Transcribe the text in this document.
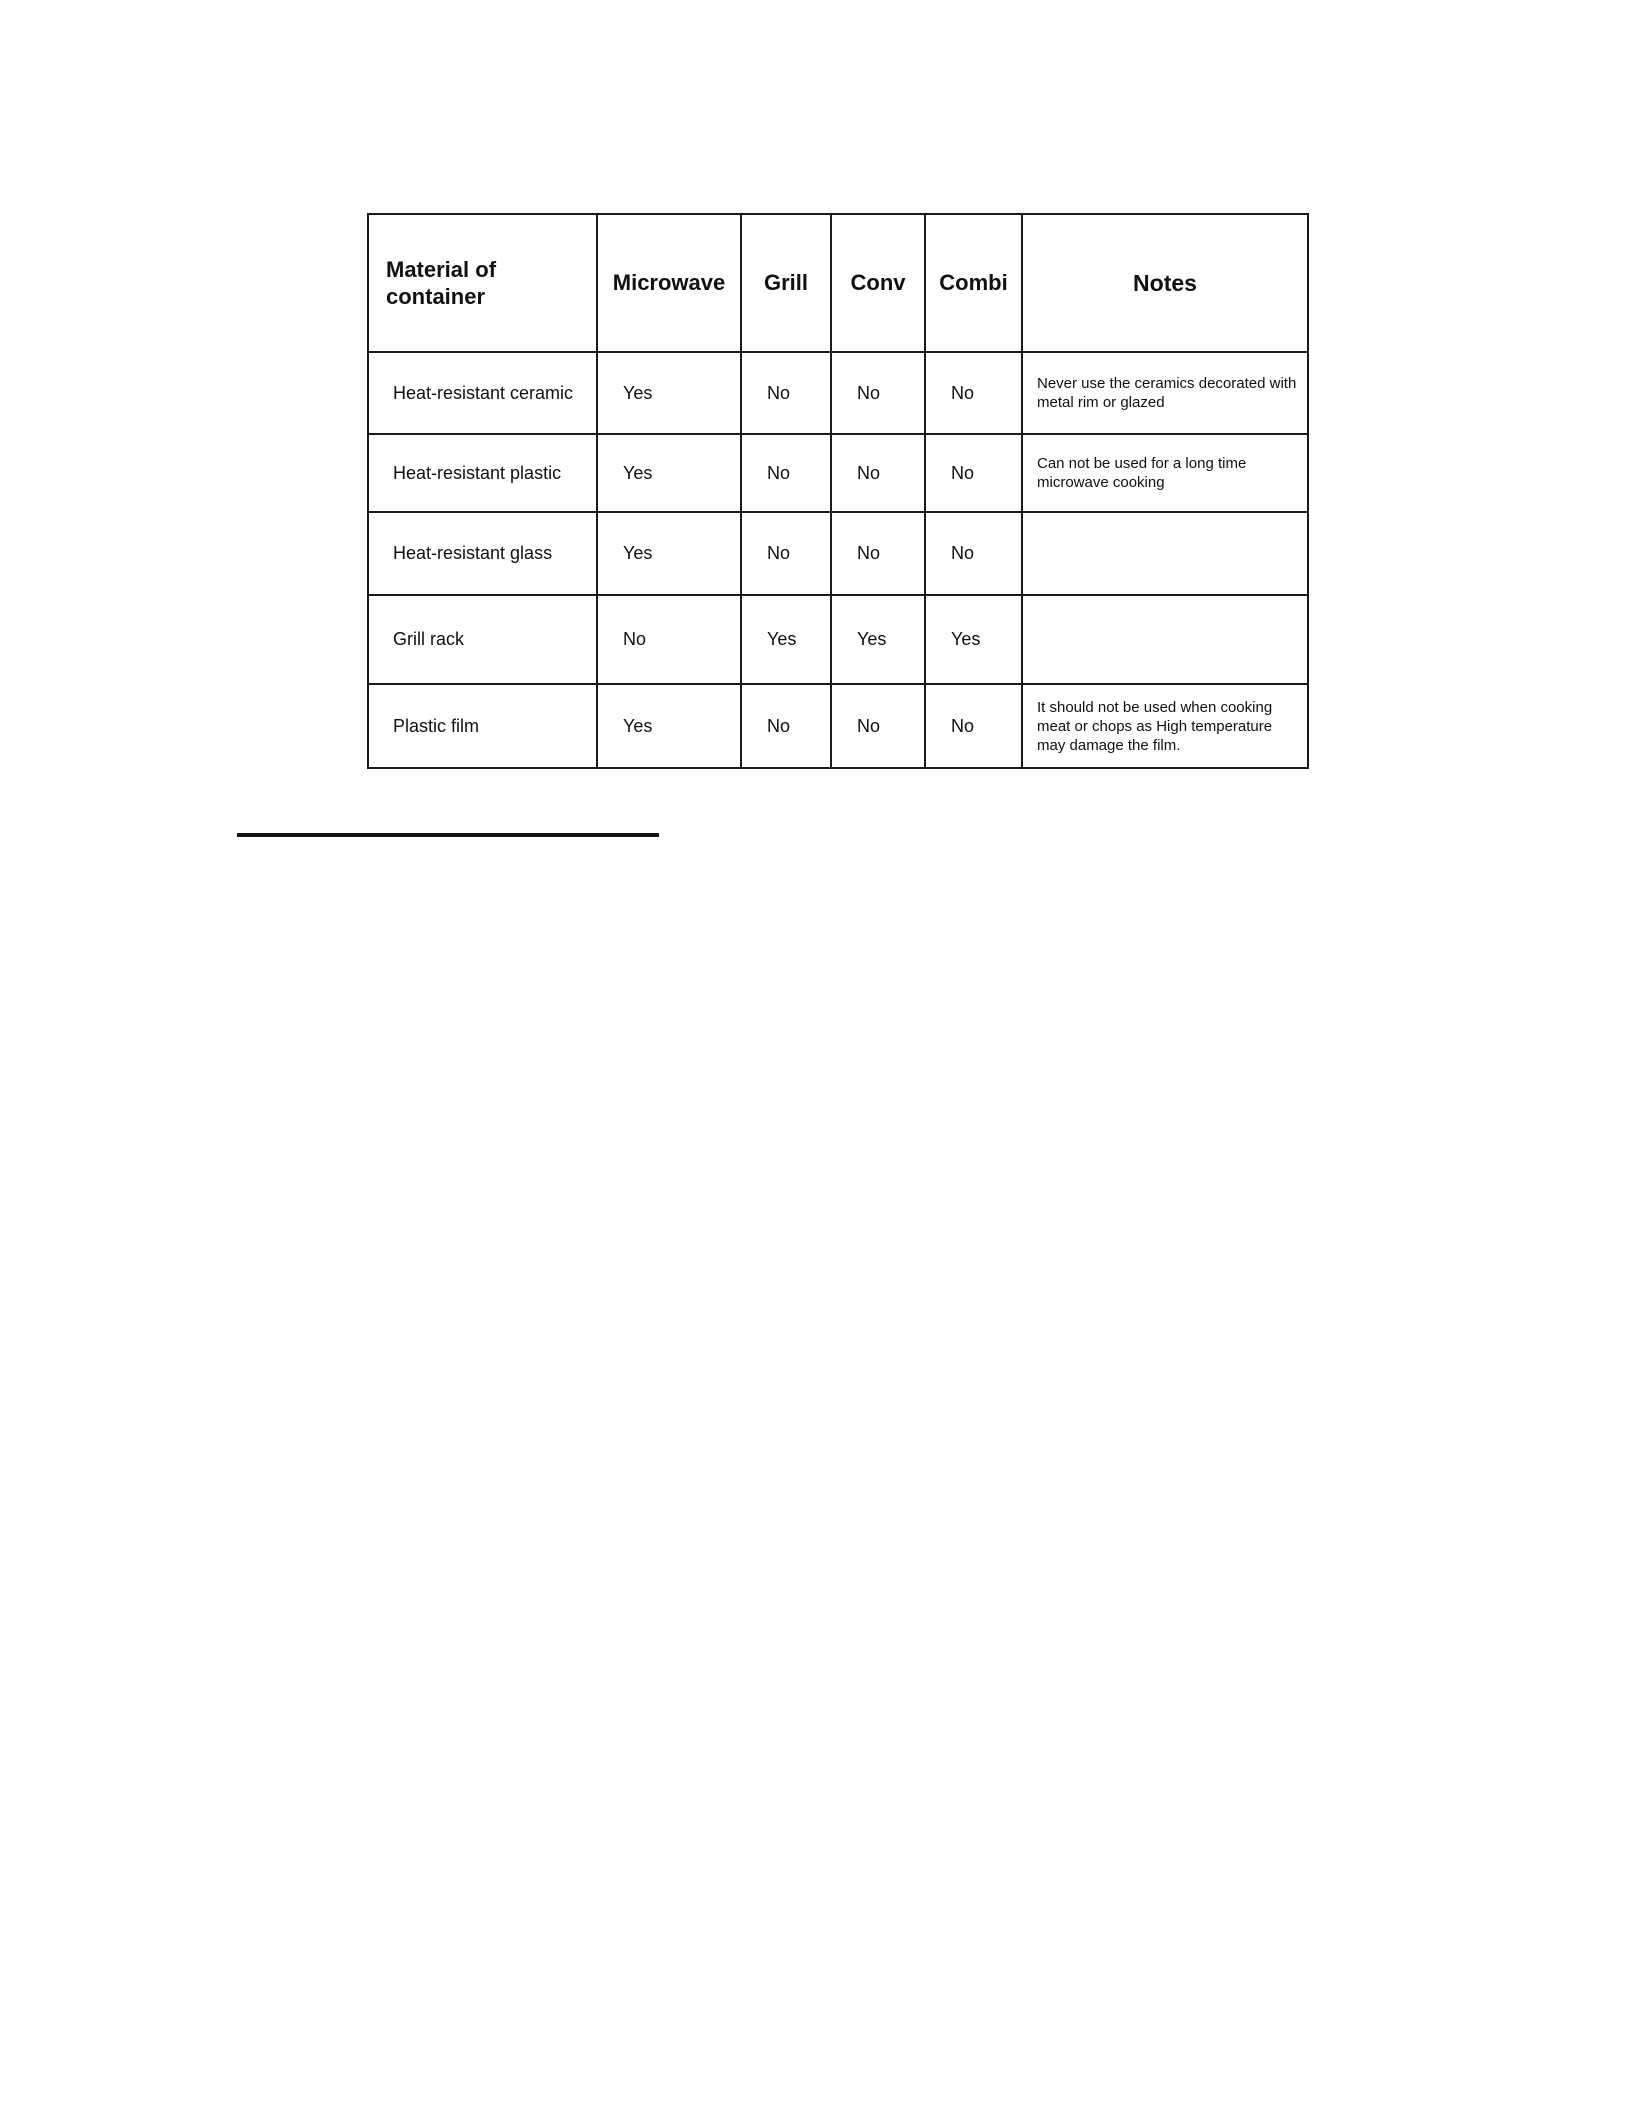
Material of container	Microwave	Grill	Conv	Combi	Notes
Heat-resistant ceramic	Yes	No	No	No	Never use the ceramics decorated with metal rim or glazed
Heat-resistant plastic	Yes	No	No	No	Can not be used for a long time microwave cooking
Heat-resistant glass	Yes	No	No	No	
Grill rack	No	Yes	Yes	Yes	
Plastic film	Yes	No	No	No	It should not be used when cooking meat or chops as High temperature may damage the film.
